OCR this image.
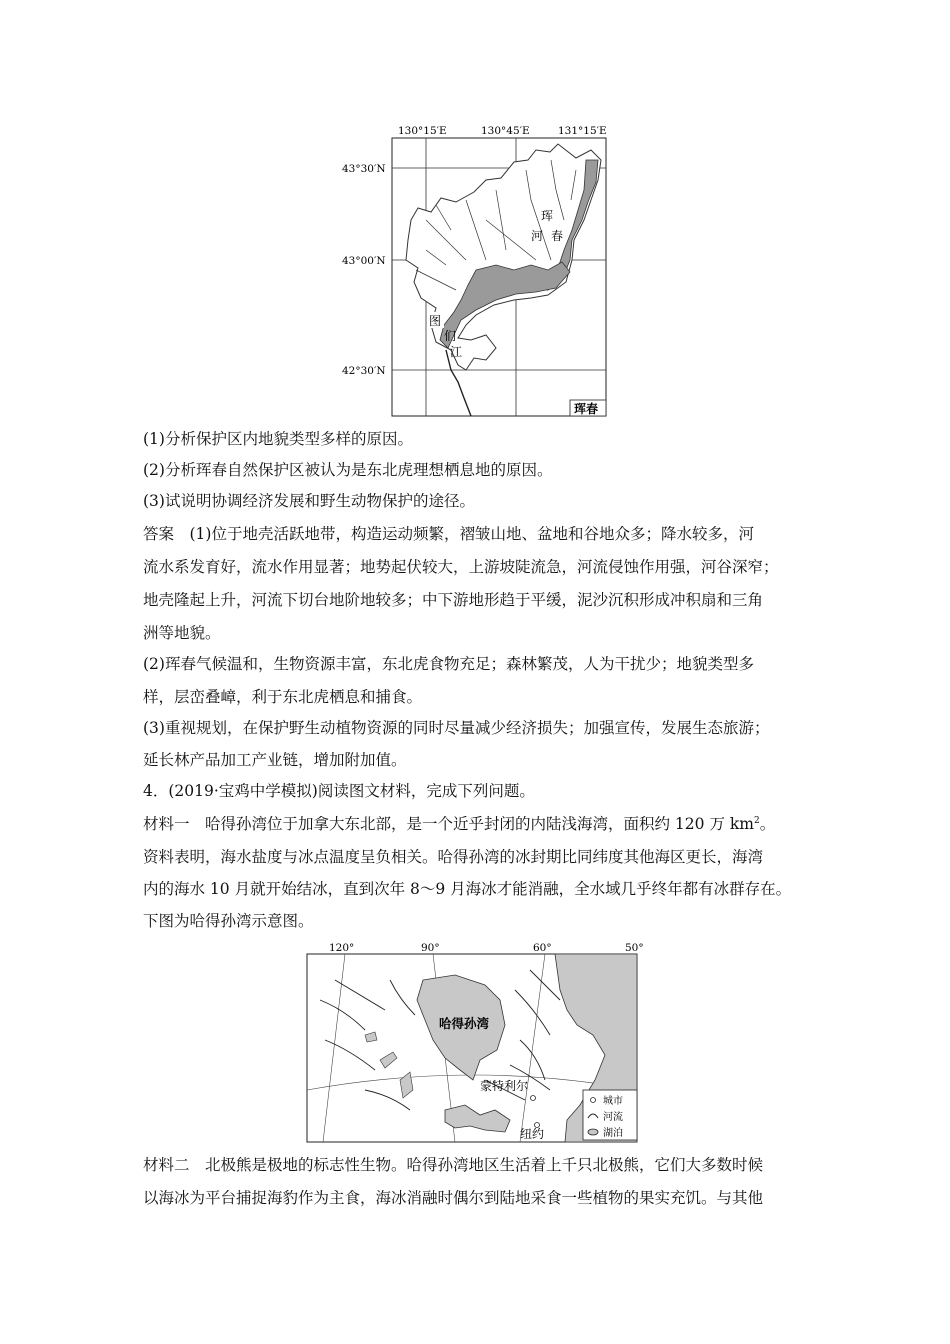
130°15′E	130°45′E	131°15′E
43°30′N
43°00′N
42°30′N
珲
春
河
图
们
江
珲春
(1)分析保护区内地貌类型多样的原因。
(2)分析珲春自然保护区被认为是东北虎理想栖息地的原因。
(3)试说明协调经济发展和野生动物保护的途径。
答案　(1)位于地壳活跃地带，构造运动频繁，褶皱山地、盆地和谷地众多；降水较多，河
流水系发育好，流水作用显著；地势起伏较大，上游坡陡流急，河流侵蚀作用强，河谷深窄；
地壳隆起上升，河流下切台地阶地较多；中下游地形趋于平缓，泥沙沉积形成冲积扇和三角
洲等地貌。
(2)珲春气候温和，生物资源丰富，东北虎食物充足；森林繁茂，人为干扰少；地貌类型多
样，层峦叠嶂，利于东北虎栖息和捕食。
(3)重视规划，在保护野生动植物资源的同时尽量减少经济损失；加强宣传，发展生态旅游；
延长林产品加工产业链，增加附加值。
4．(2019·宝鸡中学模拟)阅读图文材料，完成下列问题。
材料一　哈得孙湾位于加拿大东北部，是一个近乎封闭的内陆浅海湾，面积约 120 万 $km^2$。
资料表明，海水盐度与冰点温度呈负相关。哈得孙湾的冰封期比同纬度其他海区更长，海湾
内的海水 10 月就开始结冰，直到次年 8～9 月海冰才能消融，全水域几乎终年都有冰群存在。
下图为哈得孙湾示意图。
120°	90°	60°	50°
哈得孙湾
蒙特利尔
纽约
城市
河流
湖泊
材料二　北极熊是极地的标志性生物。哈得孙湾地区生活着上千只北极熊，它们大多数时候
以海冰为平台捕捉海豹作为主食，海冰消融时偶尔到陆地采食一些植物的果实充饥。与其他
